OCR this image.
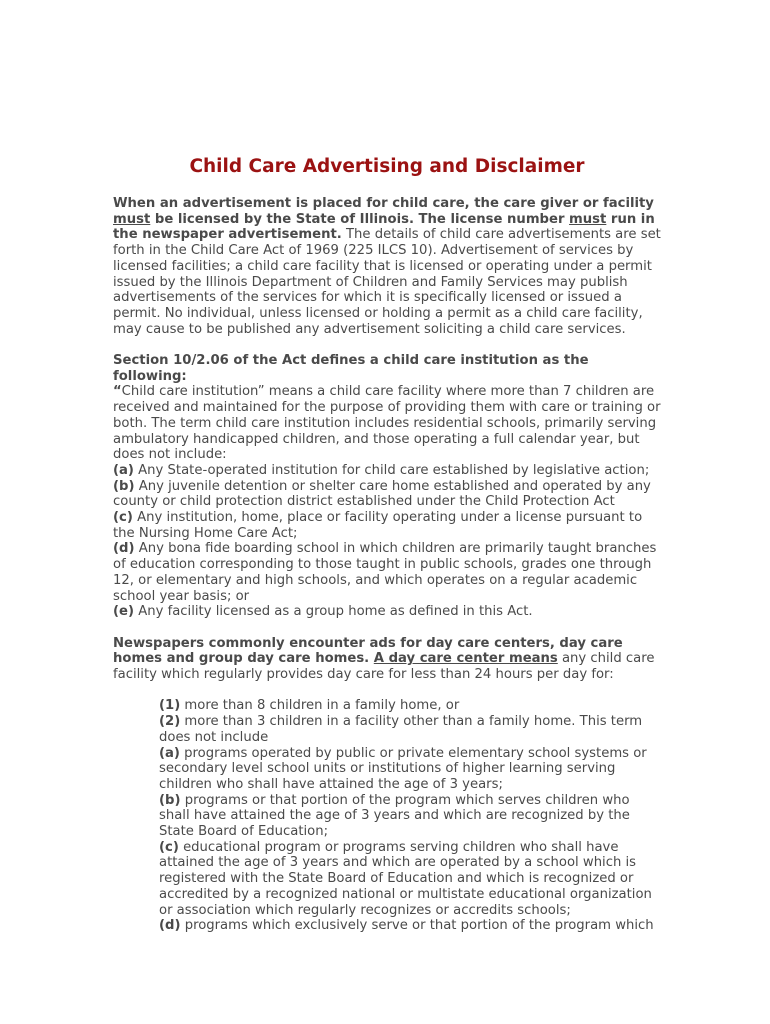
Child Care Advertising and Disclaimer

When an advertisement is placed for child care, the care giver or facility must be licensed by the State of Illinois. The license number must run in the newspaper advertisement. The details of child care advertisements are set forth in the Child Care Act of 1969 (225 ILCS 10). Advertisement of services by licensed facilities; a child care facility that is licensed or operating under a permit issued by the Illinois Department of Children and Family Services may publish advertisements of the services for which it is specifically licensed or issued a permit. No individual, unless licensed or holding a permit as a child care facility, may cause to be published any advertisement soliciting a child care services.

Section 10/2.06 of the Act defines a child care institution as the following:
“Child care institution” means a child care facility where more than 7 children are received and maintained for the purpose of providing them with care or training or both. The term child care institution includes residential schools, primarily serving ambulatory handicapped children, and those operating a full calendar year, but does not include:

(a) Any State-operated institution for child care established by legislative action;
(b) Any juvenile detention or shelter care home established and operated by any county or child protection district established under the Child Protection Act
(c) Any institution, home, place or facility operating under a license pursuant to the Nursing Home Care Act;
(d) Any bona fide boarding school in which children are primarily taught branches of education corresponding to those taught in public schools, grades one through 12, or elementary and high schools, and which operates on a regular academic school year basis; or
(e) Any facility licensed as a group home as defined in this Act.

Newspapers commonly encounter ads for day care centers, day care homes and group day care homes. A day care center means any child care facility which regularly provides day care for less than 24 hours per day for:

(1) more than 8 children in a family home, or
(2) more than 3 children in a facility other than a family home. This term does not include
(a) programs operated by public or private elementary school systems or secondary level school units or institutions of higher learning serving children who shall have attained the age of 3 years;
(b) programs or that portion of the program which serves children who shall have attained the age of 3 years and which are recognized by the State Board of Education;
(c) educational program or programs serving children who shall have attained the age of 3 years and which are operated by a school which is registered with the State Board of Education and which is recognized or accredited by a recognized national or multistate educational organization or association which regularly recognizes or accredits schools;
(d) programs which exclusively serve or that portion of the program which
